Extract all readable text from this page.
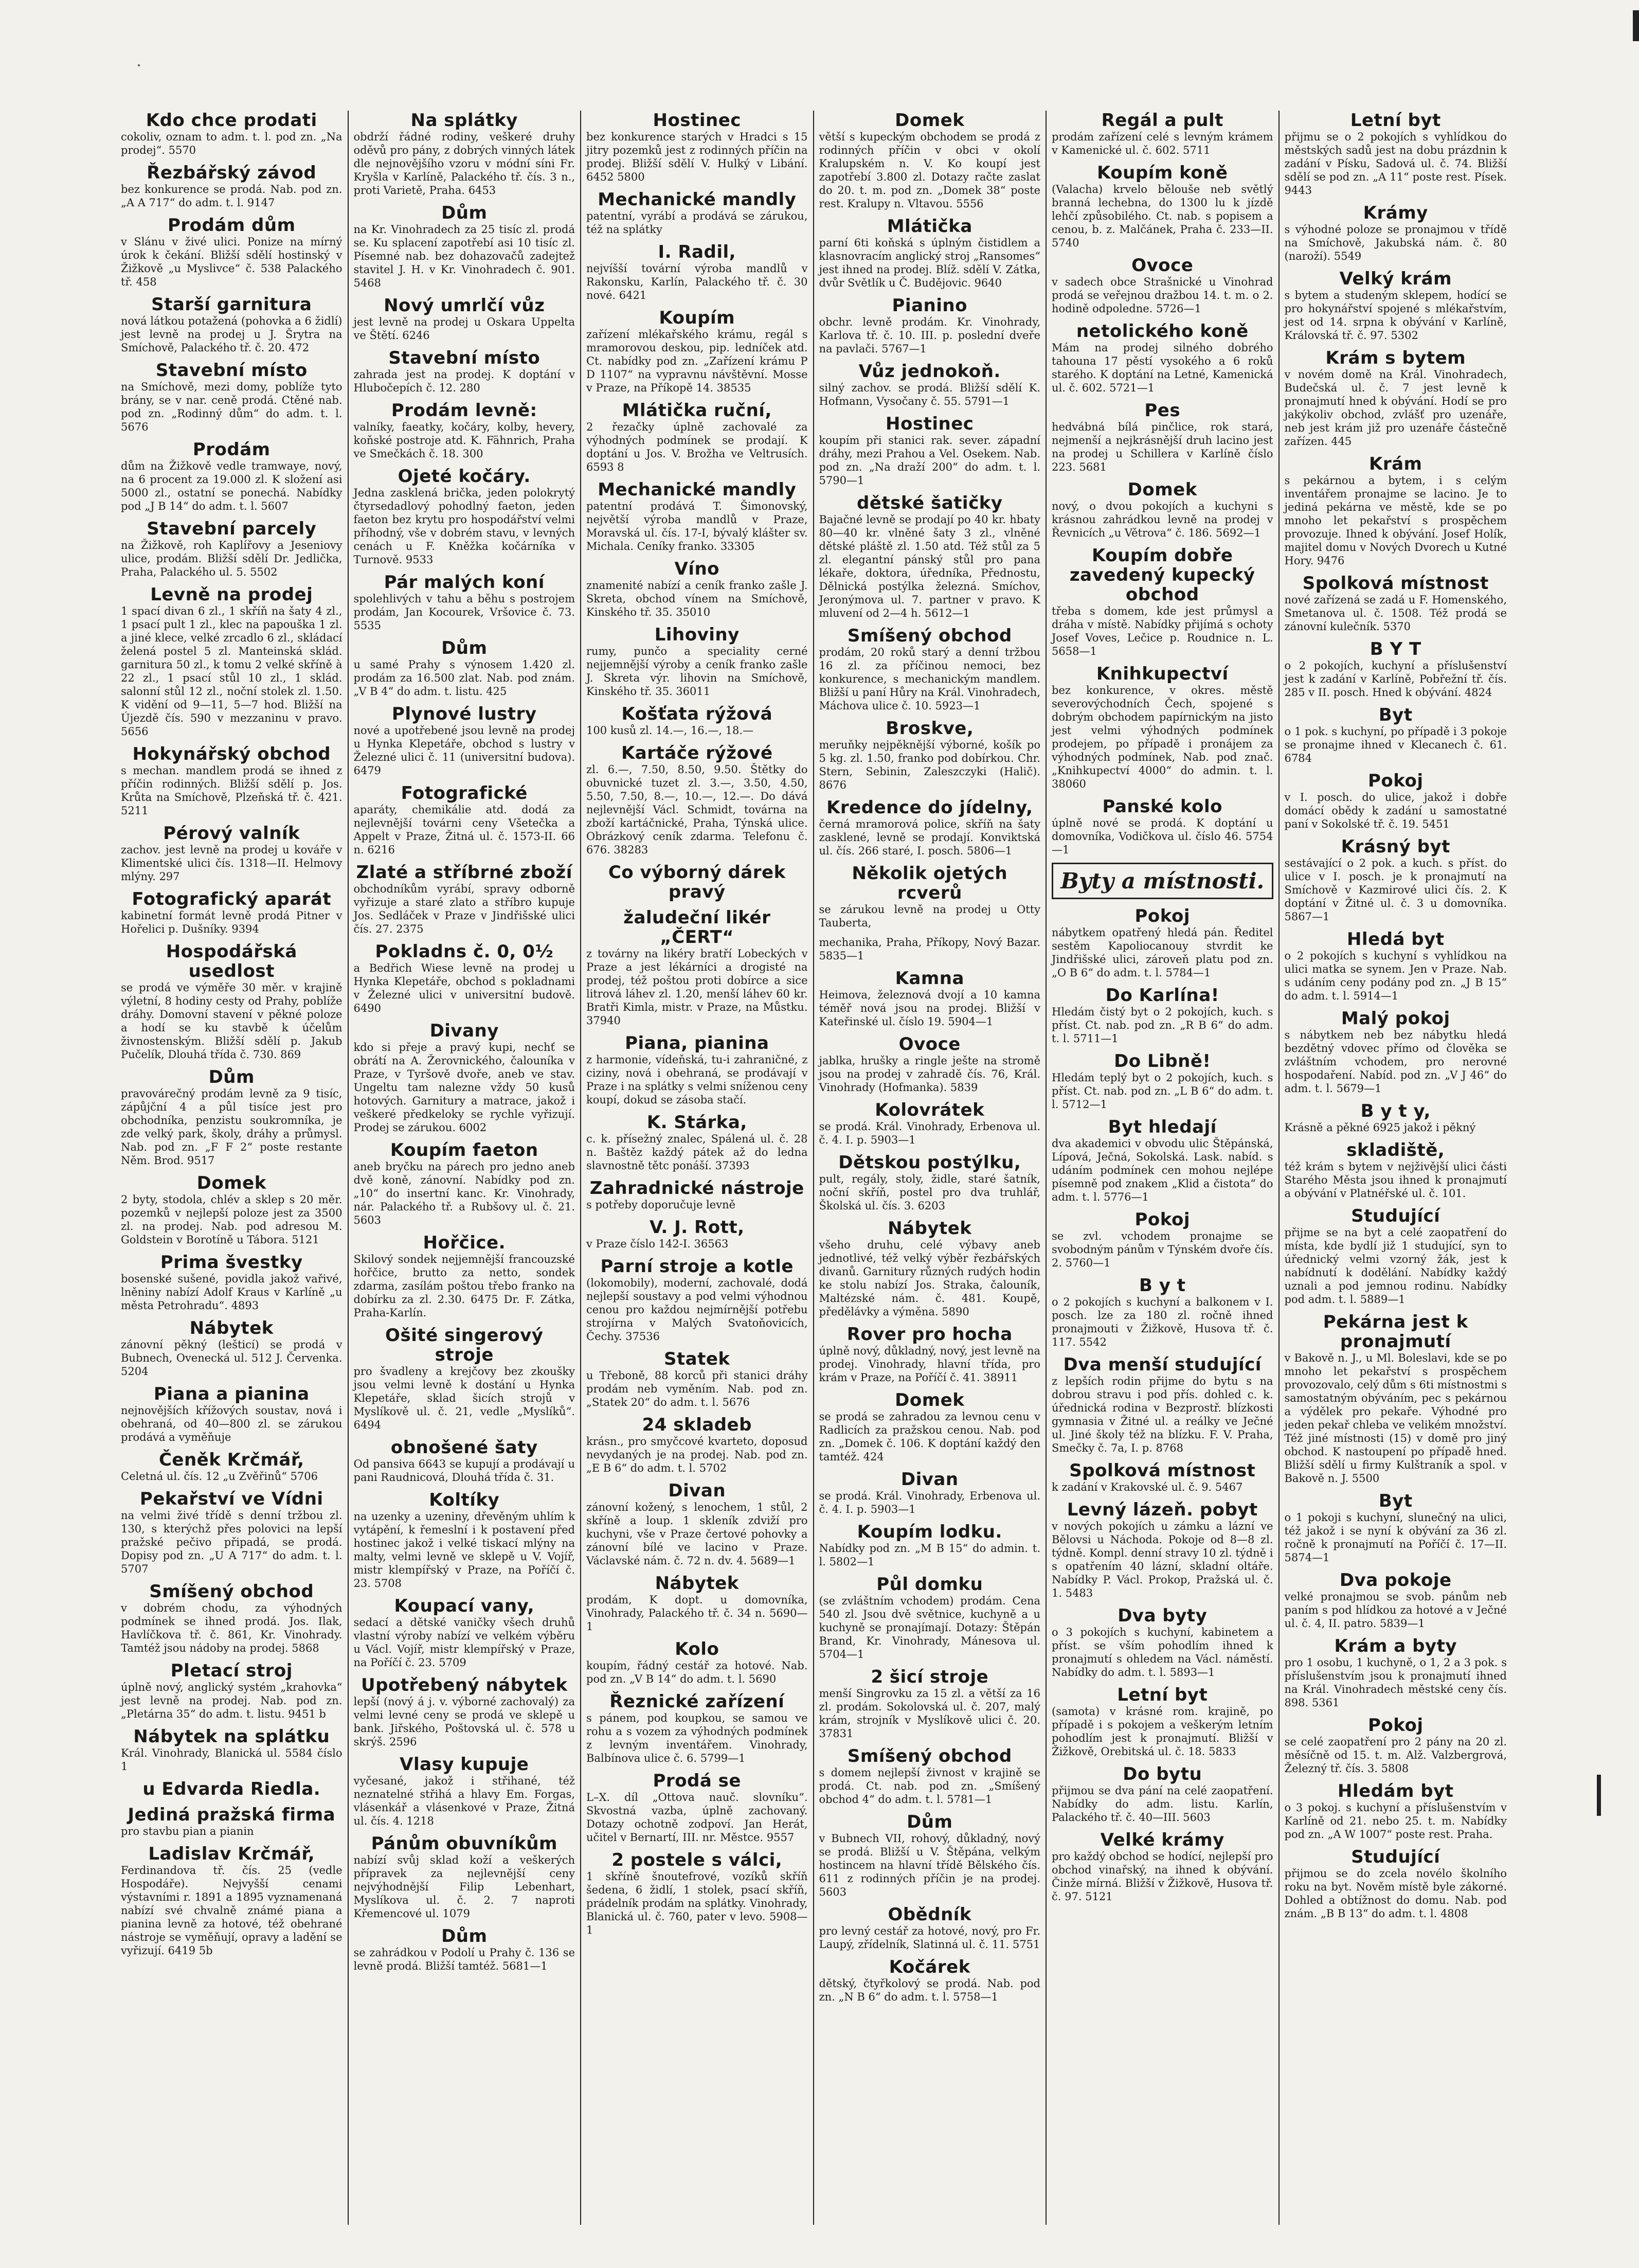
Kdo chce prodati

cokoliv, oznam to adm. t. l. pod zn. „Na prodej“. 5570

Řezbářský závod

bez konkurence se prodá. Nab. pod zn. „A A 717“ do adm. t. l. 9147

Prodám dům

v Slánu v živé ulici. Ponize na mírný úrok k čekání. Bližší sdělí hostinský v Žižkově „u Myslivce“ č. 538 Palackého tř. 458

Starší garnitura

nová látkou potažená (pohovka a 6 židlí) jest levně na prodej u J. Šrytra na Smíchově, Palackého tř. č. 20. 472

Stavební místo

na Smíchově, mezi domy, poblíže tyto brány, se v nar. ceně prodá. Ctěné nab. pod zn. „Rodinný dům“ do adm. t. l. 5676

Prodám

dům na Žižkově vedle tramwaye, nový, na 6 procent za 19.000 zl. K složení asi 5000 zl., ostatní se ponechá. Nabídky pod „J B 14“ do adm. t. l. 5607

Stavební parcely

na Žižkově, roh Kaplířovy a Jeseniovy ulice, prodám. Bližší sdělí Dr. Jedlička, Praha, Palackého ul. 5. 5502

Levně na prodej

1 spací divan 6 zl., 1 skříň na šaty 4 zl., 1 psací pult 1 zl., klec na papouška 1 zl. a jiné klece, velké zrcadlo 6 zl., skládací želená postel 5 zl. Manteinská sklád. garnitura 50 zl., k tomu 2 velké skříně à 22 zl., 1 psací stůl 10 zl., 1 sklád. salonní stůl 12 zl., noční stolek zl. 1.50. K vidění od 9—11, 5—7 hod. Bližší na Újezdě čís. 590 v mezzaninu v pravo. 5656

Hokynářský obchod

s mechan. mandlem prodá se ihned z příčin rodinných. Bližší sdělí p. Jos. Krůta na Smíchově, Plzeňská tř. č. 421. 5211

Pérový valník

zachov. jest levně na prodej u kováře v Klimentské ulici čís. 1318—II. Helmovy mlýny. 297

Fotografický aparát

kabinetní formát levně prodá Pitner v Hořelici p. Dušníky. 9394

Hospodářská usedlost

se prodá ve výměře 30 měr. v krajině výletní, 8 hodiny cesty od Prahy, poblíže dráhy. Domovní stavení v pěkné poloze a hodí se ku stavbě k účelům živnostenským. Bližší sdělí p. Jakub Pučelík, Dlouhá třída č. 730. 869

Dům

pravovárečný prodám levně za 9 tisíc, zápůjční 4 a půl tisíce jest pro obchodníka, penzistu soukromníka, je zde velký park, školy, dráhy a průmysl. Nab. pod zn. „F F 2“ poste restante Něm. Brod. 9517

Domek

2 byty, stodola, chlév a sklep s 20 měr. pozemků v nejlepší poloze jest za 3500 zl. na prodej. Nab. pod adresou M. Goldstein v Borotíně u Tábora. 5121

Prima švestky

bosenské sušené, povidla jakož vařivé, lněniny nabízí Adolf Kraus v Karlíně „u města Petrohradu“. 4893

Nábytek

zánovní pěkný (lešticí) se prodá v Bubnech, Ovenecká ul. 512 J. Červenka. 5204

Piana a pianina

nejnovějších křížových soustav, nová i obehraná, od 40—800 zl. se zárukou prodává a vyměňuje

Čeněk Krčmář,

Celetná ul. čís. 12 „u Zvěřinů“ 5706

Pekařství ve Vídni

na velmi živé třídě s denní tržbou zl. 130, s kterýchž přes polovici na lepší pražské pečivo připadá, se prodá. Dopisy pod zn. „U A 717“ do adm. t. l. 5707

Smíšený obchod

v dobrém chodu, za výhodných podmínek se ihned prodá. Jos. Ilak, Havlíčkova tř. č. 861, Kr. Vinohrady. Tamtéž jsou nádoby na prodej. 5868

Pletací stroj

úplně nový, anglický systém „krahovka“ jest levně na prodej. Nab. pod zn. „Pletárna 35“ do adm. t. listu. 9451 b

Nábytek na splátku

Král. Vinohrady, Blanická ul. 5584 číslo 1

u Edvarda Riedla.
Jediná pražská firma

pro stavbu pian a pianin

Ladislav Krčmář,

Ferdinandova tř. čís. 25 (vedle Hospodáře). Nejvyšší cenami výstavními r. 1891 a 1895 vyznamenaná nabízí své chvalně známé piana a pianina levně za hotové, též obehrané nástroje se vyměňují, opravy a ladění se vyřizují. 6419 5b

Na splátky

obdrží řádné rodiny, veškeré druhy oděvů pro pány, z dobrých vinných látek dle nejnovějšího vzoru v módní síni Fr. Kryšla v Karlíně, Palackého tř. čís. 3 n., proti Varietě, Praha. 6453

Dům

na Kr. Vinohradech za 25 tisíc zl. prodá se. Ku splacení zapotřebí asi 10 tisíc zl. Písemné nab. bez dohazovačů zadejtež stavitel J. H. v Kr. Vinohradech č. 901. 5468

Nový umrlčí vůz

jest levně na prodej u Oskara Uppelta ve Štětí. 6246

Stavební místo

zahrada jest na prodej. K doptání v Hlubočepích č. 12. 280

Prodám levně:

valníky, faeatky, kočáry, kolby, hevery, koňské postroje atd. K. Fähnrich, Praha ve Smečkách č. 18. 300

Ojeté kočáry.

Jedna zasklená brička, jeden polokrytý čtyrsedadlový pohodlný faeton, jeden faeton bez krytu pro hospodářství velmi příhodný, vše v dobrém stavu, v levných cenách u F. Kněžka kočárníka v Turnově. 9533

Pár malých koní

spolehlivých v tahu a běhu s postrojem prodám, Jan Kocourek, Vršovice č. 73. 5535

Dům

u samé Prahy s výnosem 1.420 zl. prodám za 16.500 zlat. Nab. pod znám. „V B 4“ do adm. t. listu. 425

Plynové lustry

nové a upotřebené jsou levně na prodej u Hynka Klepetáře, obchod s lustry v Železné ulici č. 11 (universitní budova). 6479

Fotografické

aparáty, chemikálie atd. dodá za nejlevnější továrni ceny Všetečka a Appelt v Praze, Žitná ul. č. 1573-II. 66 n. 6216

Zlaté a stříbrné zboží

obchodníkům vyrábí, spravy odborně vyřizuje a staré zlato a stříbro kupuje Jos. Sedláček v Praze v Jindřišské ulici čís. 27. 2375

Pokladns č. 0, 0½

a Bedřich Wiese levně na prodej u Hynka Klepetáře, obchod s pokladnami v Železné ulici v universitní budově. 6490

Divany

kdo si přeje a pravý kupi, nechť se obrátí na A. Žerovnického, čalouníka v Praze, v Tyršově dvoře, aneb ve stav. Ungeltu tam nalezne vždy 50 kusů hotových. Garnitury a matrace, jakož i veškeré předkeloky se rychle vyřizují. Prodej se zárukou. 6002

Koupím faeton

aneb bryčku na párech pro jedno aneb dvě koně, zánovní. Nabídky pod zn. „10“ do insertní kanc. Kr. Vinohrady, nár. Palackého tř. a Rubšovy ul. č. 21. 5603

Hořčice.

Skilový sondek nejjemnější francouzské hořčice, brutto za netto, sondek zdarma, zasílám poštou třebo franko na dobírku za zl. 2.30. 6475 Dr. F. Zátka, Praha-Karlín.

Ošité singerový stroje

pro švadleny a krejčovy bez zkoušky jsou velmi levně k dostání u Hynka Klepetáře, sklad šicích strojů v Myslíkově ul. č. 21, vedle „Myslíků“. 6494

obnošené šaty

Od pansiva 6643 se kupují a prodávají u pani Raudnicová, Dlouhá třída č. 31.

Koltíky

na uzenky a uzeniny, dřevěným uhlím k vytápění, k řemeslní i k postavení před hostinec jakož i velké tiskací mlýny na malty, velmi levně ve sklepě u V. Vojíř, mistr klempířský v Praze, na Poříčí č. 23. 5708

Koupací vany,

sedací a dětské vaničky všech druhů vlastní výroby nabízí ve velkém výběru u Václ. Vojíř, mistr klempířský v Praze, na Poříčí č. 23. 5709

Upotřebený nábytek

lepší (nový á j. v. výborné zachovalý) za velmi levné ceny se prodá ve sklepě u bank. Jiřského, Poštovská ul. č. 578 u skrýš. 2596

Vlasy kupuje

vyčesané, jakož i střihané, též neznatelné střihá a hlavy Em. Forgas, vlásenkář a vlásenkové v Praze, Žitná ul. čís. 4. 1218

Pánům obuvníkům

nabízí svůj sklad koží a veškerých přípravek za nejlevnější ceny nejvýhodnější Filip Lebenhart, Myslíkova ul. č. 2. 7 naproti Křemencové ul. 1079

Dům

se zahrádkou v Podolí u Prahy č. 136 se levně prodá. Bližší tamtéž. 5681—1

Hostinec

bez konkurence starých v Hradci s 15 jitry pozemků jest z rodinných příčin na prodej. Bližší sdělí V. Hulký v Libání. 6452 5800

Mechanické mandly

patentní, vyrábí a prodává se zárukou, též na splátky

I. Radil,

nejvíšší tovární výroba mandlů v Rakonsku, Karlín, Palackého tř. č. 30 nové. 6421

Koupím

zařízení mlékařského krámu, regál s mramorovou deskou, pip. ledníček atd. Ct. nabídky pod zn. „Zařízení krámu P D 1107“ na vypravnu návštěvní. Mosse v Praze, na Příkopě 14. 38535

Mlátička ruční,

2 řezačky úplně zachovalé za výhodných podmínek se prodají. K doptání u Jos. V. Brožha ve Veltrusích. 6593 8

Mechanické mandly

patentní prodává T. Šimonovský, největší výroba mandlů v Praze, Moravská ul. čís. 17-I, bývalý klášter sv. Michala. Ceníky franko. 33305

Víno

znamenité nabízí a ceník franko zašle J. Skreta, obchod vínem na Smíchově, Kinského tř. 35. 35010

Lihoviny

rumy, punčo a speciality cerné nejjemnější výroby a ceník franko zašle J. Skreta výr. lihovin na Smíchově, Kinského tř. 35. 36011

Košťata rýžová

100 kusů zl. 14.—, 16.—, 18.—

Kartáče rýžové

zl. 6.—, 7.50, 8.50, 9.50. Štětky do obuvnické tuzet zl. 3.—, 3.50, 4.50, 5.50, 7.50, 8.—, 10.—, 12.—. Do dává nejlevnější Václ. Schmidt, továrna na zboží kartáčnické, Praha, Týnská ulice. Obrázkový ceník zdarma. Telefonu č. 676. 38283

Co výborný dárek pravý
žaludeční likér „ČERT“

z továrny na likéry bratří Lobeckých v Praze a jest lékárníci a drogisté na prodej, též poštou proti dobírce a sice litrová láhev zl. 1.20, menší láhev 60 kr. Bratři Kimla, mistr. v Praze, na Můstku. 37940

Piana, pianina

z harmonie, vídeňská, tu-i zahraničné, z ciziny, nová i obehraná, se prodávají v Praze i na splátky s velmi sníženou ceny koupí, dokud se zásoba stačí.

K. Stárka,

c. k. přísežný znalec, Spálená ul. č. 28 n. Baštěz každý pátek až do ledna slavnostně tětc ponáší. 37393

Zahradnické nástroje

s potřeby doporučuje levně

V. J. Rott,

v Praze číslo 142-I. 36563

Parní stroje a kotle

(lokomobily), moderní, zachovalé, dodá nejlepší soustavy a pod velmi výhodnou cenou pro každou nejmírnější potřebu strojírna v Malých Svatoňovicích, Čechy. 37536

Statek

u Třeboně, 88 korců při stanici dráhy prodám neb vyměním. Nab. pod zn. „Statek 20“ do adm. t. l. 5676

24 skladeb

krásn., pro smyčcové kvarteto, doposud nevydaných je na prodej. Nab. pod zn. „E B 6“ do adm. t. l. 5702

Divan

zánovní kožený, s lenochem, 1 stůl, 2 skříně a loup. 1 skleník zdviží pro kuchyni, vše v Praze čertové pohovky a zánovní bílé ve lacino v Praze. Václavské nám. č. 72 n. dv. 4. 5689—1

Nábytek

prodám, K dopt. u domovníka, Vinohrady, Palackého tř. č. 34 n. 5690—1

Kolo

koupím, řádný cestář za hotové. Nab. pod zn. „V B 14“ do adm. t. l. 5690

Řeznické zařízení

s pánem, pod koupkou, se samou ve rohu a s vozem za výhodných podmínek z levným inventářem. Vinohrady, Balbínova ulice č. 6. 5799—1

Prodá se

L–X. díl „Ottova nauč. slovníku“. Skvostná vazba, úplně zachovaný. Dotazy ochotně zodpoví. Jan Herát, učitel v Bernartí, III. nr. Městce. 9557

2 postele s válci,

1 skříně šnoutefrové, vozíků skříň šedena, 6 židlí, 1 stolek, psací skříň, prádelník prodám na splátky. Vinohrady, Blanická ul. č. 760, pater v levo. 5908—1

Domek

větší s kupeckým obchodem se prodá z rodinných příčin v obci v okolí Kralupském n. V. Ko koupí jest zapotřebí 3.800 zl. Dotazy račte zaslat do 20. t. m. pod zn. „Domek 38“ poste rest. Kralupy n. Vltavou. 5556

Mlátička

parní 6ti koňská s úplným čistidlem a klasnovracím anglický stroj „Ransomes“ jest ihned na prodej. Blíž. sdělí V. Zátka, dvůr Světlík u Č. Budějovic. 9640

Pianino

obchr. levně prodám. Kr. Vinohrady, Karlova tř. č. 10. III. p. poslední dveře na pavlači. 5767—1

Vůz jednokoň.

silný zachov. se prodá. Bližší sdělí K. Hofmann, Vysočany č. 55. 5791—1

Hostinec

koupím při stanici rak. sever. západní dráhy, mezi Prahou a Vel. Osekem. Nab. pod zn. „Na draží 200“ do adm. t. l. 5790—1

dětské šatičky

Bajačné levně se prodají po 40 kr. hbaty 80—40 kr. vlněné šaty 3 zl., vlněné dětské pláště zl. 1.50 atd. Též stůl za 5 zl. elegantní pánský stůl pro pana lékaře, doktora, úředníka, Přednostu, Dělnická postýlka železná. Smíchov, Jeronýmova ul. 7. partner v pravo. K mluvení od 2—4 h. 5612—1

Smíšený obchod

prodám, 20 roků starý a denní tržbou 16 zl. za příčinou nemoci, bez konkurence, s mechanickým mandlem. Bližší u paní Hůry na Král. Vinohradech, Máchova ulice č. 10. 5923—1

Broskve,

meruňky nejpěknější výborné, košík po 5 kg. zl. 1.50, franko pod dobírkou. Chr. Stern, Sebinin, Zaleszczyki (Halič). 8676

Kredence do jídelny,

černá mramorová police, skříň na šaty zasklené, levně se prodají. Konviktská ul. čís. 266 staré, I. posch. 5806—1

Několik ojetých rcverů

se zárukou levně na prodej u Otty Tauberta,

mechanika, Praha, Příkopy, Nový Bazar. 5835—1

Kamna

Heimova, železnová dvojí a 10 kamna téměř nová jsou na prodej. Bližší v Kateřinské ul. číslo 19. 5904—1

Ovoce

jablka, hrušky a ringle ješte na stromě jsou na prodej v zahradě čís. 76, Král. Vinohrady (Hofmanka). 5839

Kolovrátek

se prodá. Král. Vinohrady, Erbenova ul. č. 4. I. p. 5903—1

Dětskou postýlku,

pult, regály, stoly, židle, staré šatník, noční skříň, postel pro dva truhlář, Školská ul. čís. 3. 6203

Nábytek

všeho druhu, celé výbavy aneb jednotlivé, též velký výběr řezbářských divanů. Garnitury různých rudých hodin ke stolu nabízí Jos. Straka, čalouník, Maltézské nám. č. 481. Koupě, předělávky a výměna. 5890

Rover pro hocha

úplně nový, důkladný, nový, jest levně na prodej. Vinohrady, hlavní třída, pro krám v Praze, na Poříčí č. 41. 38911

Domek

se prodá se zahradou za levnou cenu v Radlicích za pražskou cenou. Nab. pod zn. „Domek č. 106. K doptání každý den tamtéž. 424

Divan

se prodá. Král. Vinohrady, Erbenova ul. č. 4. I. p. 5903—1

Koupím lodku.

Nabídky pod zn. „M B 15“ do admin. t. l. 5802—1

Půl domku

(se zvláštním vchodem) prodám. Cena 540 zl. Jsou dvě světnice, kuchyně a u kuchyně se pronajímají. Dotazy: Štěpán Brand, Kr. Vinohrady, Mánesova ul. 5704—1

2 šicí stroje

menší Singrovku za 15 zl. a větší za 16 zl. prodám. Sokolovská ul. č. 207, malý krám, strojník v Myslíkově ulici č. 20. 37831

Smíšený obchod

s domem nejlepší živnost v krajině se prodá. Ct. nab. pod zn. „Smíšený obchod 4“ do adm. t. l. 5781—1

Dům

v Bubnech VII, rohový, důkladný, nový se prodá. Bližší u V. Štěpána, velkým hostincem na hlavní třídě Bělského čís. 611 z rodinných příčin je na prodej. 5603

Obědník

pro levný cestář za hotové, nový, pro Fr. Laupý, zřídelník, Slatinná ul. č. 11. 5751

Kočárek

dětský, čtyřkolový se prodá. Nab. pod zn. „N B 6“ do adm. t. l. 5758—1

Regál a pult

prodám zařízení celé s levným krámem v Kamenické ul. č. 602. 5711

Koupím koně

(Valacha) krvelo bělouše neb světlý branná lechebna, do 1300 lu k jízdě lehčí způsobilého. Ct. nab. s popisem a cenou, b. z. Malčánek, Praha č. 233—II. 5740

Ovoce

v sadech obce Strašnické u Vinohrad prodá se veřejnou dražbou 14. t. m. o 2. hodině odpoledne. 5726—1

netolického koně

Mám na prodej silného dobrého tahouna 17 pěstí vysokého a 6 roků starého. K doptání na Letné, Kamenická ul. č. 602. 5721—1

Pes

hedvábná bílá pinčlice, rok stará, nejmenší a nejkrásnější druh lacino jest na prodej u Schillera v Karlíně číslo 223. 5681

Domek

nový, o dvou pokojích a kuchyni s krásnou zahrádkou levně na prodej v Řevnicích „u Větrova“ č. 186. 5692—1

Koupím dobře zavedený kupecký obchod

třeba s domem, kde jest průmysl a dráha v místě. Nabídky přijímá s ochoty Josef Voves, Lečice p. Roudnice n. L. 5658—1

Knihkupectví

bez konkurence, v okres. městě severovýchodních Čech, spojené s dobrým obchodem papírnickým na jisto jest velmi výhodných podmínek prodejem, po případě i pronájem za výhodných podmínek, Nab. pod znač. „Knihkupectví 4000“ do admin. t. l. 38060

Panské kolo

úplně nové se prodá. K doptání u domovníka, Vodičkova ul. číslo 46. 5754—1

Byty a místnosti.
Pokoj

nábytkem opatřený hledá pán. Ředitel sestěm Kapoliocanouy stvrdit ke Jindřišské ulici, zároveň platu pod zn. „O B 6“ do adm. t. l. 5784—1

Do Karlína!

Hledám čistý byt o 2 pokojích, kuch. s příst. Ct. nab. pod zn. „R B 6“ do adm. t. l. 5711—1

Do Libně!

Hledám teplý byt o 2 pokojích, kuch. s příst. Ct. nab. pod zn. „L B 6“ do adm. t. l. 5712—1

Byt hledají

dva akademici v obvodu ulic Štěpánská, Lípová, Ječná, Sokolská. Lask. nabíd. s udáním podmínek cen mohou nejlépe písemně pod znakem „Klid a čistota“ do adm. t. l. 5776—1

Pokoj

se zvl. vchodem pronajme se svobodným pánům v Týnském dvoře čís. 2. 5760—1

B y t

o 2 pokojích s kuchyní a balkonem v I. posch. lze za 180 zl. ročně ihned pronajmouti v Žižkově, Husova tř. č. 117. 5542

Dva menší studující

z lepších rodin přijme do bytu s na dobrou stravu i pod přís. dohled c. k. úřednická rodina v Bezprostř. blízkosti gymnasia v Žitné ul. a reálky ve Ječné ul. Jiné školy též na blízku. F. V. Praha, Smečky č. 7a, I. p. 8768

Spolková místnost

k zadání v Krakovské ul. č. 9. 5467

Levný lázeň. pobyt

v nových pokojích u zámku a lázní ve Bělovsi u Náchoda. Pokoje od 8—8 zl. týdně. Kompl. denní stravy 10 zl. týdně i s opatřením 40 lázní, skladní oltáře. Nabídky P. Václ. Prokop, Pražská ul. č. 1. 5483

Dva byty

o 3 pokojích s kuchyní, kabinetem a příst. se vším pohodlím ihned k pronajmutí s ohledem na Václ. náměstí. Nabídky do adm. t. l. 5893—1

Letní byt

(samota) v krásné rom. krajině, po případě i s pokojem a veškerým letním pohodlím jest k pronajmutí. Bližší v Žižkově, Orebitská ul. č. 18. 5833

Do bytu

přijmou se dva pání na celé zaopatření. Nabídky do adm. listu. Karlín, Palackého tř. č. 40—III. 5603

Velké krámy

pro každý obchod se hodící, nejlepší pro obchod vinařský, na ihned k obývání. Činže mírná. Bližší v Žižkově, Husova tř. č. 97. 5121

Letní byt

přijmu se o 2 pokojích s vyhlídkou do městských sadů jest na dobu prázdnin k zadání v Písku, Sadová ul. č. 74. Bližší sdělí se pod zn. „A 11“ poste rest. Písek. 9443

Krámy

s výhodné poloze se pronajmou v třídě na Smíchově, Jakubská nám. č. 80 (naroží). 5549

Velký krám

s bytem a studeným sklepem, hodící se pro hokynářství spojené s mlékařstvím, jest od 14. srpna k obývání v Karlíně, Královská tř. č. 97. 5302

Krám s bytem

v novém domě na Král. Vinohradech, Budečská ul. č. 7 jest levně k pronajmutí hned k obývání. Hodí se pro jakýkoliv obchod, zvlášť pro uzenáře, neb jest krám již pro uzenáře částečně zařízen. 445

Krám

s pekárnou a bytem, i s celým inventářem pronajme se lacino. Je to jediná pekárna ve městě, kde se po mnoho let pekařství s prospěchem provozuje. Ihned k obývání. Josef Holík, majitel domu v Nových Dvorech u Kutné Hory. 9476

Spolková místnost

nové zařízená se zadá u F. Homenského, Smetanova ul. č. 1508. Též prodá se zánovní kulečník. 5370

B Y T

o 2 pokojích, kuchyní a příslušenství jest k zadání v Karlíně, Pobřežní tř. čís. 285 v II. posch. Hned k obývání. 4824

Byt

o 1 pok. s kuchyní, po případě i 3 pokoje se pronajme ihned v Klecanech č. 61. 6784

Pokoj

v I. posch. do ulice, jakož i dobře domácí obědy k zadání u samostatné paní v Sokolské tř. č. 19. 5451

Krásný byt

sestávající o 2 pok. a kuch. s příst. do ulice v I. posch. je k pronajmutí na Smíchově v Kazmirové ulici čís. 2. K doptání v Žitné ul. č. 3 u domovníka. 5867—1

Hledá byt

o 2 pokojích s kuchyní s vyhlídkou na ulici matka se synem. Jen v Praze. Nab. s udáním ceny podány pod zn. „J B 15“ do adm. t. l. 5914—1

Malý pokoj

s nábytkem neb bez nábytku hledá bezdětný vdovec přímo od člověka se zvláštním vchodem, pro nerovné hospodaření. Nabíd. pod zn. „V J 46“ do adm. t. l. 5679—1

B y t y,

Krásně a pěkné 6925 jakož i pěkný

skladiště,

též krám s bytem v nejživější ulici části Starého Města jsou ihned k pronajmutí a obývání v Platnéřské ul. č. 101.

Studující

přijme se na byt a celé zaopatření do místa, kde bydlí již 1 studující, syn to úřednický velmi vzorný žák, jest k nabídnutí k dodělání. Nabídky každý uznali a pod jemnou rodinu. Nabídky pod adm. t. l. 5889—1

Pekárna jest k pronajmutí

v Bakově n. J., u Ml. Boleslavi, kde se po mnoho let pekařství s prospěchem provozovalo, celý dům s 6ti místnostmi s samostatným obýváním, pec s pekárnou a výdělek pro pekaře. Výhodné pro jeden pekař chleba ve velikém množství. Též jiné místnosti (15) v domě pro jiný obchod. K nastoupení po případě hned. Bližší sdělí u firmy Kulštraník a spol. v Bakově n. J. 5500

Byt

o 1 pokoji s kuchyní, slunečný na ulici, též jakož i se nyní k obývání za 36 zl. ročně k pronajmutí na Poříčí č. 17—II. 5874—1

Dva pokoje

velké pronajmou se svob. pánům neb paním s pod hlídkou za hotové a v Ječné ul. č. 4, II. patro. 5839—1

Krám a byty

pro 1 osobu, 1 kuchyně, o 1, 2 a 3 pok. s příslušenstvím jsou k pronajmutí ihned na Král. Vinohradech městské ceny čís. 898. 5361

Pokoj

se celé zaopatření pro 2 pány na 20 zl. měsíčně od 15. t. m. Alž. Valzbergrová, Železný tř. čís. 3. 5808

Hledám byt

o 3 pokoj. s kuchyní a příslušenstvím v Karlíně od 21. nebo 25. t. m. Nabídky pod zn. „A W 1007“ poste rest. Praha.

Studující

přijmou se do zcela novélo školního roku na byt. Nověm místě byle zákorné. Dohled a obtížnost do domu. Nab. pod znám. „B B 13“ do adm. t. l. 4808
